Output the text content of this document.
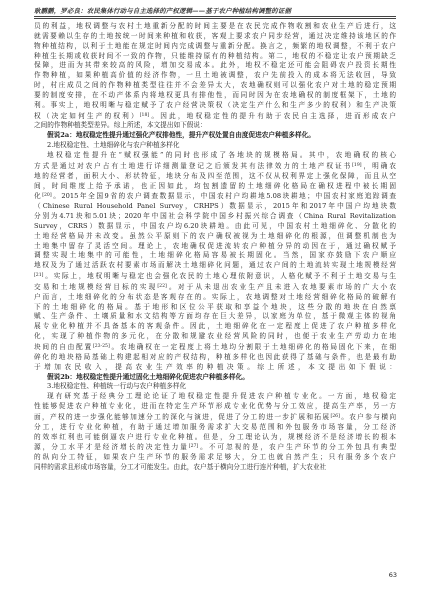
耿鹏鹏，罗必良：农民集体行动与自主选择的产权逻辑——基于农户种植结构调整的证据

员的利益，地权调整与农村土地重新分配的时间主要是在农民完成作物收割和农业生产后进行，这

就需要赖以生存的土地按统一时间来种植和收获，客观上要求农户同步经营，通过决定维持该地区的作

物种植结构，以利于土地能在规定时间内完成调整与重新分配。换言之，频繁的地权调整，不利于农户

种植生长期或收获时间不一致的作物，只能维持原有的种植结构。第二，地权的不稳定让农户预期缺乏

保障，进而为其带来较高的风险，增加交易成本。此外，地权不稳定还可能会阻碍农户投资长期性

作物种植，如果种植高价值的经济作物，一旦土地被调整，农户先前投入的成本将无法收回，导致

时，村庄成员之间的作物种植类型往往并不会差异太大，农地确权则可以强化农户对土地的稳定预期

要的制度安排，在不动产体系内将地权更具有排他性，而同时因为在农地确权的制度框架下，土地的

利。事实上，地权明晰与稳定赋予了农户经营决策权（决定生产什么和生产多少的权利）和生产决策

权（决定如何生产的权利）[18]。因此，地权稳定性的提升有助于农民自主选择，进而形成农户

之间的作物种植类型差异。综上所述，本文提出如下假说：

假说2a：地权稳定性提升通过强化产权排他性，提升产权处置自由度促进农户种植多样化。

2.地权稳定性、土地细碎化与农户种植多样化

地权稳定性提升在“赋权强能”的同时也形成了各地块的规模格局。其中，农地确权的核心

方式是通过对农户占有土地进行详细测量登记之后颁发其有法律效力的土地产权证书[19]，明确农

地的经营者，面积大小、形状特征，地块分布及四至范围，这不仅从权利界定上强化保障，而且从空

间，时间维度上给予承诺，也正因如此，均包割遗留的土地细碎化格局在确权进程中被长期固

化[20]。2015年全国9省的农户调查数据显示，中国农村户均耕地5.08块耕地；中国农村家庭追踪调查

（Chinese Rural Household Panel Survey，CRHPS）数据显示，2015年和2017年中国户均地块数

分别为4.71块和5.01块；2020年中国社会科学院中国乡村振兴综合调查（China Rural Revitalization

Survey，CRRS）数据显示，中国农户均6.20块耕地。由此可见，中国农村土地细碎化、分散化的

土地经营格局并未改变。虽然公平原则下的农户确权被视为土地细碎化的根源，但调整机制也为

土地集中留存了灵活空间。理论上，农地确权促进流转农户种植分异的动因在于，通过确权赋予

调整实现土地集中的可能性，土地细碎化格局容易被长期固化。当然，国家亦鼓励下农户顺应

地权及为了通过活跃农村要素市场而解决土地细碎化问题，通过农户间的土地流转实现土地规模经营

[21]。实际上，地权明晰与稳定也会强化农民的土地心理依附意识，人格化赋予不利于土地交易与生

交易和土地规模经营目标的实现[22]。对于从未退出农业生产且未进入农地要素市场的广大小农

户而言，土地细碎化的分布状态是客观存在的。实际上，农地调整对土地经营细碎化格局的破解有

下的土地细碎化的格局。基于地形和区位公平获取和享益个地块，这些分散的地块在自然禀

赋、生产条件、土壤质量和水文结构等方面均存在巨大差异，以家庭为单位，基于微观主体的视角

展专业化种植并不具备基本的客观条件。因此，土地细碎化在一定程度上促进了农户种植多样化

化，实现了种植作物的多元化，在分散和规避农业经营风险的同时，也便于农业生产劳动力在地

块间的自由配置[23-25]。农地确权在一定程度上将土地均分割限于土地细碎化的格局固化下来，在细

碎化的地块格局基础上构建起相对应的产权结构，种植多样化也因此获得了基础与条件，也是最有助

于增加农民收入，提高农业生产效率的种植决策。综上所述，本文提出如下假说：

假说2b：地权稳定性提升通过固化土地细碎化促进农户种植多样化。

3.地权稳定性、种植统一行动与农户种植多样化

现有研究基于经典分工理论论证了地权稳定性提升促进农户种植专业化。一方面，地权稳定

性能够促进农户种植专业化，进而在特定生产环节形成专业化优势与分工效应，提高生产率，另一方

面，产权的进一步强化能够加速分工的深化与演进，促进了分工的进一步扩展和拓展[26]。农户参与横向

分工，进行专业化种植，有助于通过增加服务需求扩大交易范围和外包服务市场容量，分工经济

的效率红利也可能倒逼农户进行专业化种植。但是，分工理论认为，规模经济不是经济增长的根本

源，分工水平才是经济增长的决定性力量[27]。不可忽视的是，农户生产环节的分工外包具有典型

的纵向分工特征，如果农户生产环节的服务需求足够大，分工也就自然产生；只有服务多个农户

同样的需求且形成市场容量，分工才可能发生。由此，农户基于横向分工进行连片种植，扩大农业社

63
